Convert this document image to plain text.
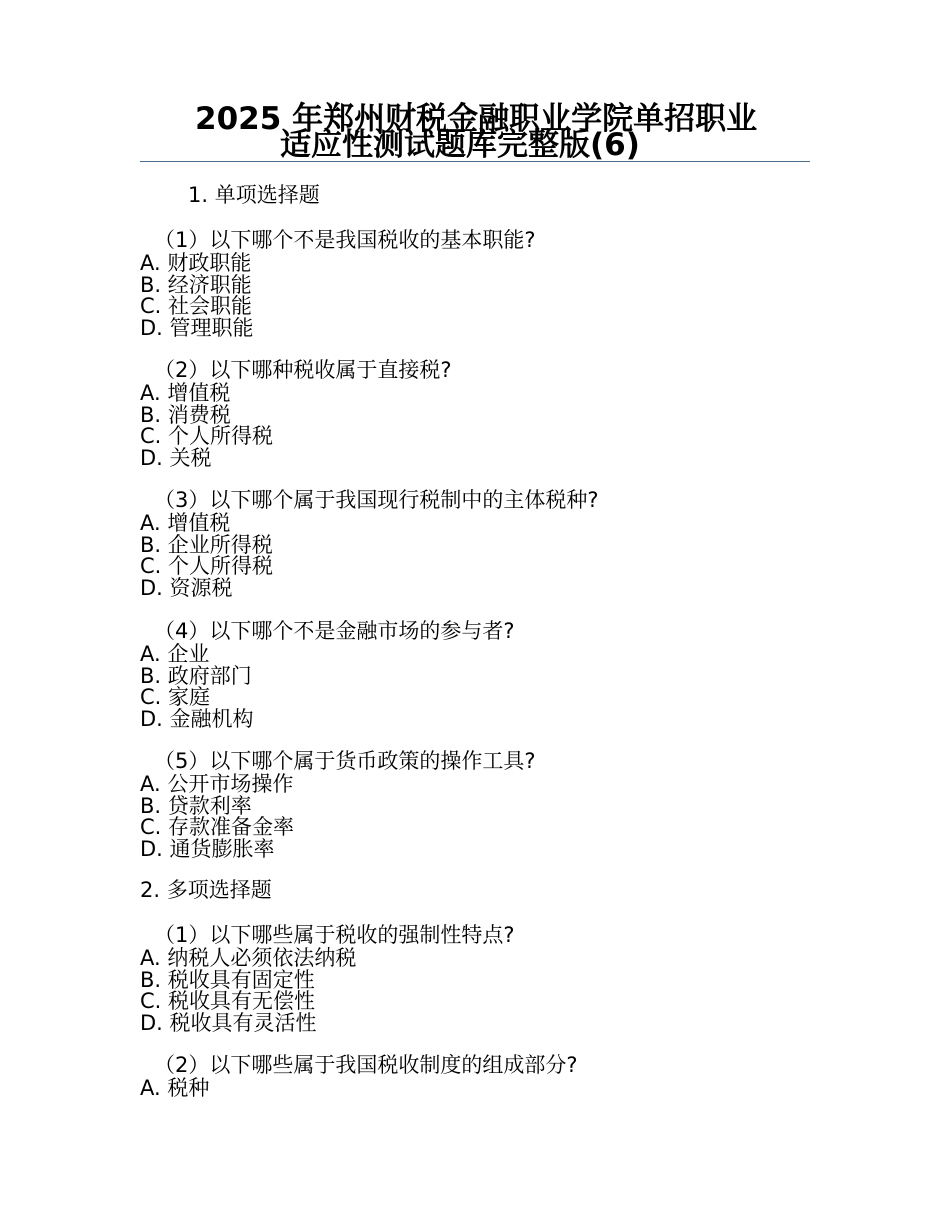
2025 年郑州财税金融职业学院单招职业
适应性测试题库完整版(6)
1. 单项选择题
（1）以下哪个不是我国税收的基本职能?
A. 财政职能
B. 经济职能
C. 社会职能
D. 管理职能
（2）以下哪种税收属于直接税?
A. 增值税
B. 消费税
C. 个人所得税
D. 关税
（3）以下哪个属于我国现行税制中的主体税种?
A. 增值税
B. 企业所得税
C. 个人所得税
D. 资源税
（4）以下哪个不是金融市场的参与者?
A. 企业
B. 政府部门
C. 家庭
D. 金融机构
（5）以下哪个属于货币政策的操作工具?
A. 公开市场操作
B. 贷款利率
C. 存款准备金率
D. 通货膨胀率
2. 多项选择题
（1）以下哪些属于税收的强制性特点?
A. 纳税人必须依法纳税
B. 税收具有固定性
C. 税收具有无偿性
D. 税收具有灵活性
（2）以下哪些属于我国税收制度的组成部分?
A. 税种
